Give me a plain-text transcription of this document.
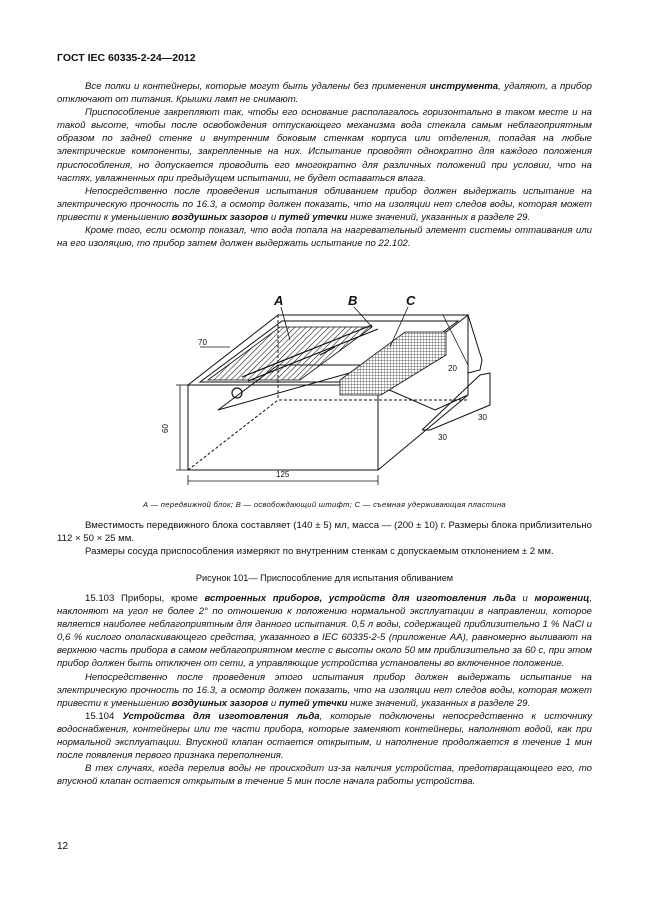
ГОСТ IEC 60335-2-24—2012

Все полки и контейнеры, которые могут быть удалены без применения инструмента, удаляют, а прибор отключают от питания. Крышки ламп не снимают.

Приспособление закрепляют так, чтобы его основание располагалось горизонтально в таком месте и на такой высоте, чтобы после освобождения отпускающего механизма вода стекала самым неблагоприятным образом по задней стенке и внутренним боковым стенкам корпуса или отделения, попадая на любые электрические компоненты, закрепленные на них. Испытание проводят однократно для каждого положения приспособления, но допускается проводить его многократно для различных положений при условии, что на частях, увлажненных при предыдущем испытании, не будет оставаться влага.

Непосредственно после проведения испытания обливанием прибор должен выдержать испытание на электрическую прочность по 16.3, а осмотр должен показать, что на изоляции нет следов воды, которая может привести к уменьшению воздушных зазоров и путей утечки ниже значений, указанных в разделе 29.

Кроме того, если осмотр показал, что вода попала на нагревательный элемент системы оттаивания или на его изоляцию, то прибор затем должен выдержать испытание по 22.102.

A	B	C
70
60
125
20
30
30
A — передвижной блок; B — освобождающий штифт; C — съемная удерживающая пластина

Вместимость передвижного блока составляет (140 ± 5) мл, масса — (200 ± 10) г. Размеры блока приблизительно 112 × 50 × 25 мм.

Размеры сосуда приспособления измеряют по внутренним стенкам с допускаемым отклонением ± 2 мм.

Рисунок 101— Приспособление для испытания обливанием

15.103 Приборы, кроме встроенных приборов, устройств для изготовления льда и морожениц, наклоняют на угол не более 2° по отношению к положению нормальной эксплуатации в направлении, которое является наиболее неблагоприятным для данного испытания. 0,5 л воды, содержащей приблизительно 1 % NaCl и 0,6 % кислого ополаскивающего средства, указанного в IEC 60335-2-5 (приложение АА), равномерно выливают на верхнюю часть прибора в самом неблагоприятном месте с высоты около 50 мм приблизительно за 60 с, при этом прибор должен быть отключен от сети, а управляющие устройства установлены во включенное положение.

Непосредственно после проведения этого испытания прибор должен выдержать испытание на электрическую прочность по 16.3, а осмотр должен показать, что на изоляции нет следов воды, которая может привести к уменьшению воздушных зазоров и путей утечки ниже значений, указанных в разделе 29.

15.104 Устройства для изготовления льда, которые подключены непосредственно к источнику водоснабжения, контейнеры или те части прибора, которые заменяют контейнеры, наполняют водой, как при нормальной эксплуатации. Впускной клапан остается открытым, и наполнение продолжается в течение 1 мин после появления первого признака переполнения.

В тех случаях, когда перелив воды не происходит из-за наличия устройства, предотвращающего его, то впускной клапан остается открытым в течение 5 мин после начала работы устройства.

12
